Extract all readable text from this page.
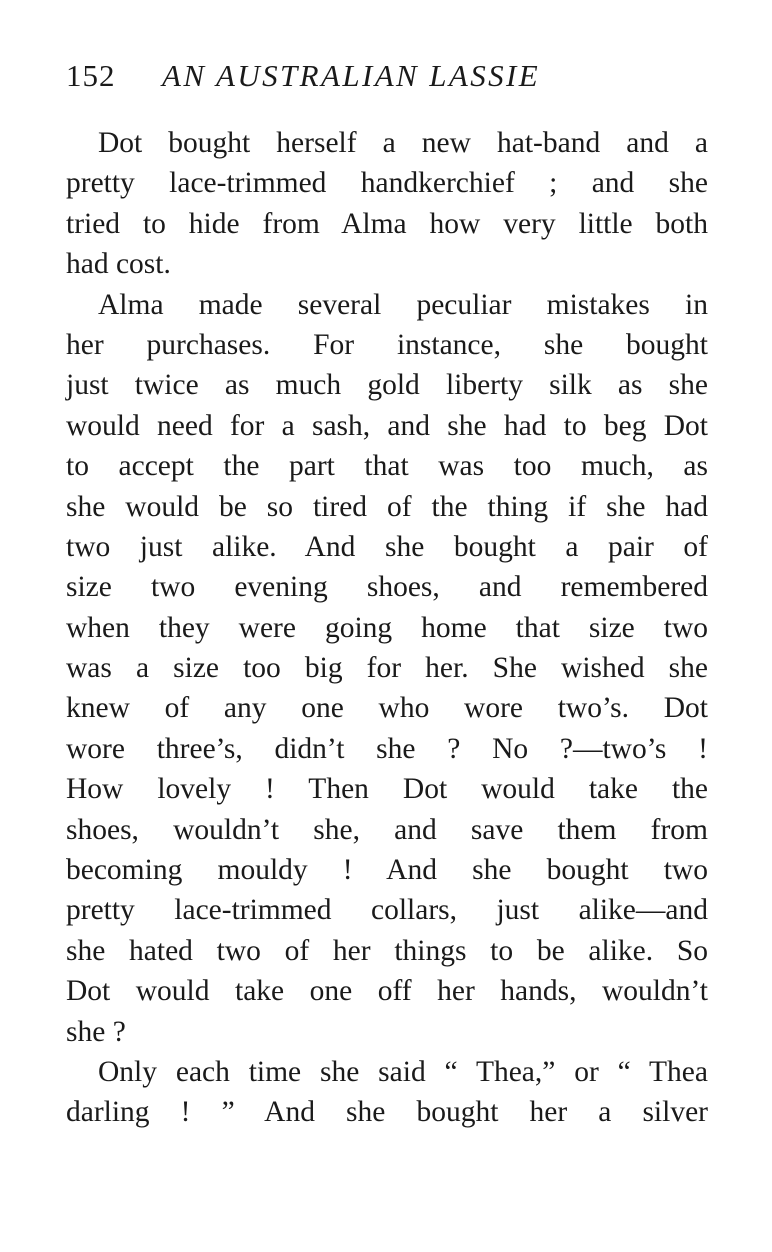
152 AN AUSTRALIAN LASSIE
Dot bought herself a new hat-band and a
pretty lace-trimmed handkerchief ; and she
tried to hide from Alma how very little both
had cost.
Alma made several peculiar mistakes in
her purchases. For instance, she bought
just twice as much gold liberty silk as she
would need for a sash, and she had to beg Dot
to accept the part that was too much, as
she would be so tired of the thing if she had
two just alike. And she bought a pair of
size two evening shoes, and remembered
when they were going home that size two
was a size too big for her. She wished she
knew of any one who wore two’s. Dot
wore three’s, didn’t she ? No ?—two’s !
How lovely ! Then Dot would take the
shoes, wouldn’t she, and save them from
becoming mouldy ! And she bought two
pretty lace-trimmed collars, just alike—and
she hated two of her things to be alike. So
Dot would take one off her hands, wouldn’t
she ?
Only each time she said “ Thea,” or “ Thea
darling ! ” And she bought her a silver
